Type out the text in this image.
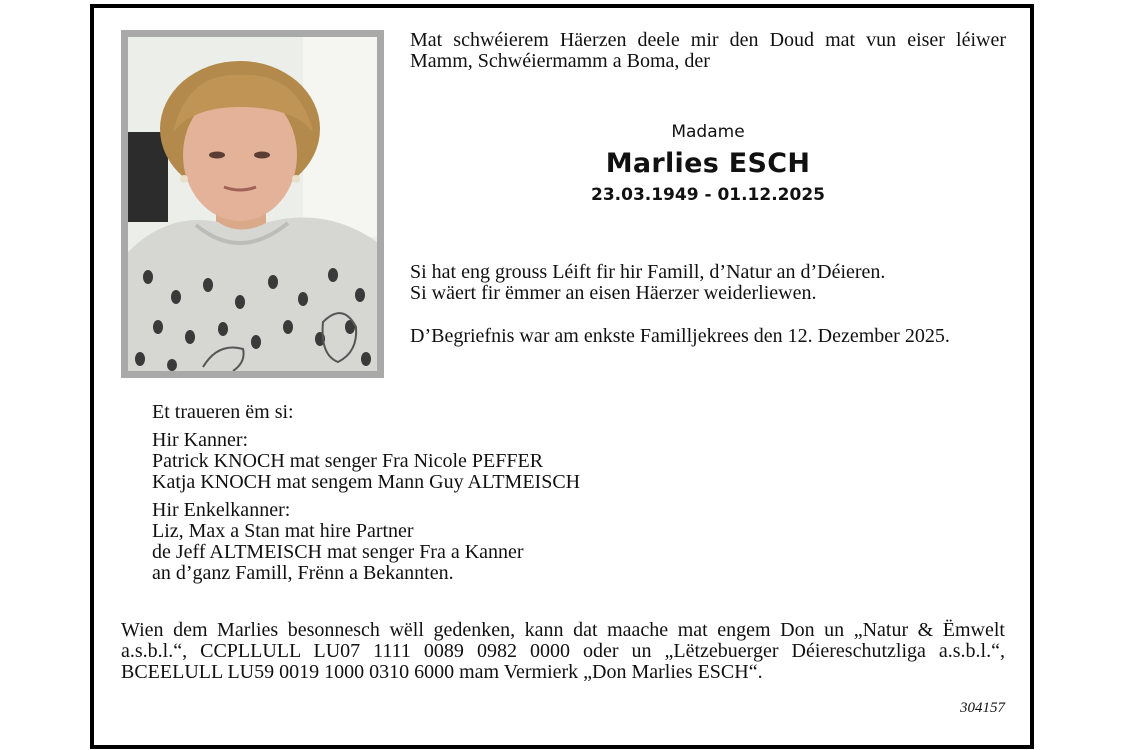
Mat schwéierem Häerzen deele mir den Doud mat vun eiser léiwer Mamm, Schwéiermamm a Boma, der
Madame
Marlies ESCH
23.03.1949 - 01.12.2025
Si hat eng grouss Léift fir hir Famill, d’Natur an d’Déieren.
Si wäert fir ëmmer an eisen Häerzer weiderliewen.
D’Begriefnis war am enkste Familljekrees den 12. Dezember 2025.
Et traueren ëm si:
Hir Kanner:
Patrick KNOCH mat senger Fra Nicole PEFFER
Katja KNOCH mat sengem Mann Guy ALTMEISCH
Hir Enkelkanner:
Liz, Max a Stan mat hire Partner
de Jeff ALTMEISCH mat senger Fra a Kanner
an d’ganz Famill, Frënn a Bekannten.
Wien dem Marlies besonnesch wëll gedenken, kann dat maache mat engem Don un „Natur & Ëmwelt a.s.b.l.“, CCPLLULL LU07 1111 0089 0982 0000 oder un „Lëtzebuerger Déiereschutzliga a.s.b.l.“, BCEELULL LU59 0019 1000 0310 6000 mam Vermierk „Don Marlies ESCH“.
304157
